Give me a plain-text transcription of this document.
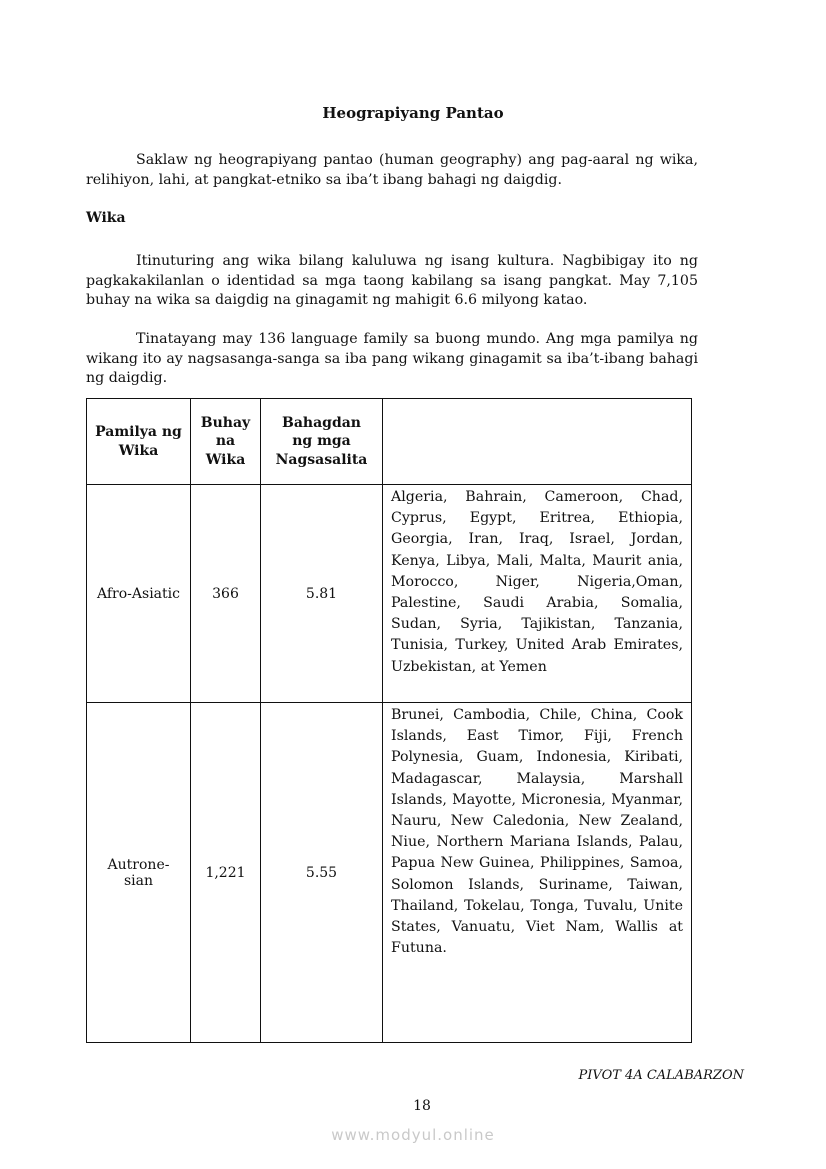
Heograpiyang Pantao

Saklaw ng heograpiyang pantao (human geography) ang pag-aaral ng wika, relihiyon, lahi, at pangkat-etniko sa iba’t ibang bahagi ng daigdig.

Wika

Itinuturing ang wika bilang kaluluwa ng isang kultura. Nagbibigay ito ng pagkakakilanlan o identidad sa mga taong kabilang sa isang pangkat. May 7,105 buhay na wika sa daigdig na ginagamit ng mahigit 6.6 milyong katao.

Tinatayang may 136 language family sa buong mundo. Ang mga pamilya ng wikang ito ay nagsasanga-sanga sa iba pang wikang ginagamit sa iba’t-ibang bahagi ng daigdig.

Pamilya ng Wika	Buhay na Wika	Bahagdan ng mga Nagsasalita	
Afro-Asiatic	366	5.81	Algeria, Bahrain, Cameroon, Chad, Cyprus, Egypt, Eritrea, Ethiopia, Georgia, Iran, Iraq, Israel, Jordan, Kenya, Libya, Mali, Malta, Maurit ania, Morocco, Niger, Nigeria,Oman, Palestine, Saudi Arabia, Somalia, Sudan, Syria, Tajikistan, Tanzania, Tunisia, Turkey, United Arab Emirates, Uzbekistan, at Yemen
Autrone-sian	1,221	5.55	Brunei, Cambodia, Chile, China, Cook Islands, East Timor, Fiji, French Polynesia, Guam, Indonesia, Kiribati, Madagascar, Malaysia, Marshall Islands, Mayotte, Micronesia, Myanmar, Nauru, New Caledonia, New Zealand, Niue, Northern Mariana Islands, Palau, Papua New Guinea, Philippines, Samoa, Solomon Islands, Suriname, Taiwan, Thailand, Tokelau, Tonga, Tuvalu, Unite States, Vanuatu, Viet Nam, Wallis at Futuna.
PIVOT 4A CALABARZON
18
www.modyul.online
